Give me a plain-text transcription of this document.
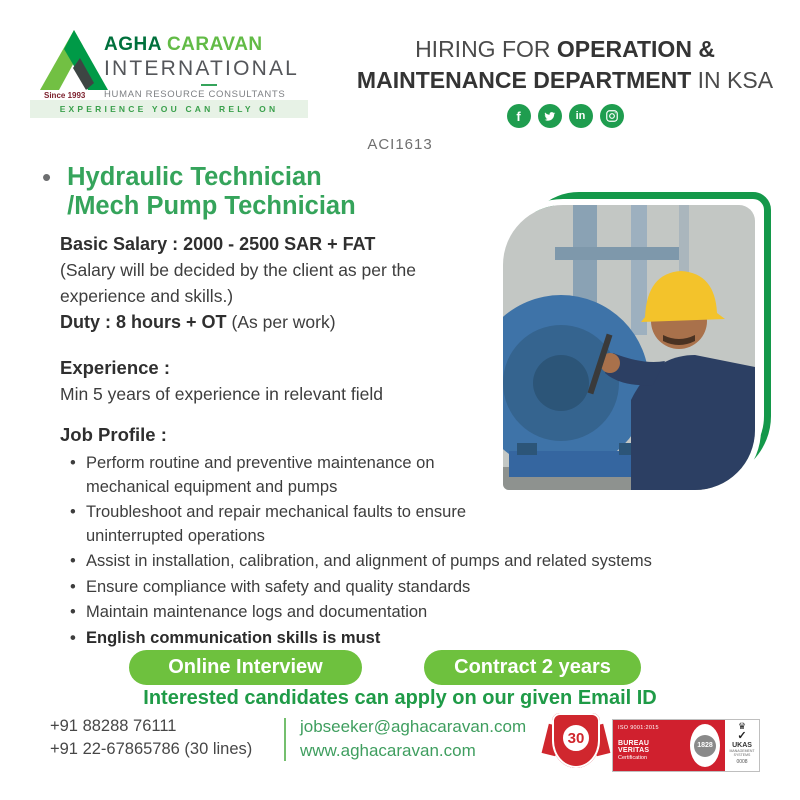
Since 1993
AGHA CARAVAN
INTERNATIONAL
HUMAN RESOURCE CONSULTANTS
EXPERIENCE YOU CAN RELY ON
HIRING FOR OPERATION &
MAINTENANCE DEPARTMENT IN KSA
f	in
ACI1613
• Hydraulic Technician
/Mech Pump Technician
Basic Salary : 2000 - 2500 SAR + FAT
(Salary will be decided by the client as per the experience and skills.)
Duty : 8 hours + OT (As per work)
Experience :
Min 5 years of experience in relevant field
Job Profile :
• Perform routine and preventive maintenance on mechanical equipment and pumps
• Troubleshoot and repair mechanical faults to ensure uninterrupted operations
• Assist in installation, calibration, and alignment of pumps and related systems
• Ensure compliance with safety and quality standards
• Maintain maintenance logs and documentation
• English communication skills is must
Online Interview	Contract 2 years
Interested candidates can apply on our given Email ID
+91 88288 76111
+91 22-67865786 (30 lines)
jobseeker@aghacaravan.com
www.aghacaravan.com
30
ISO 9001:2015
BUREAU VERITAS
Certification
1828
♛
✓
UKAS
MANAGEMENT SYSTEMS
0008
